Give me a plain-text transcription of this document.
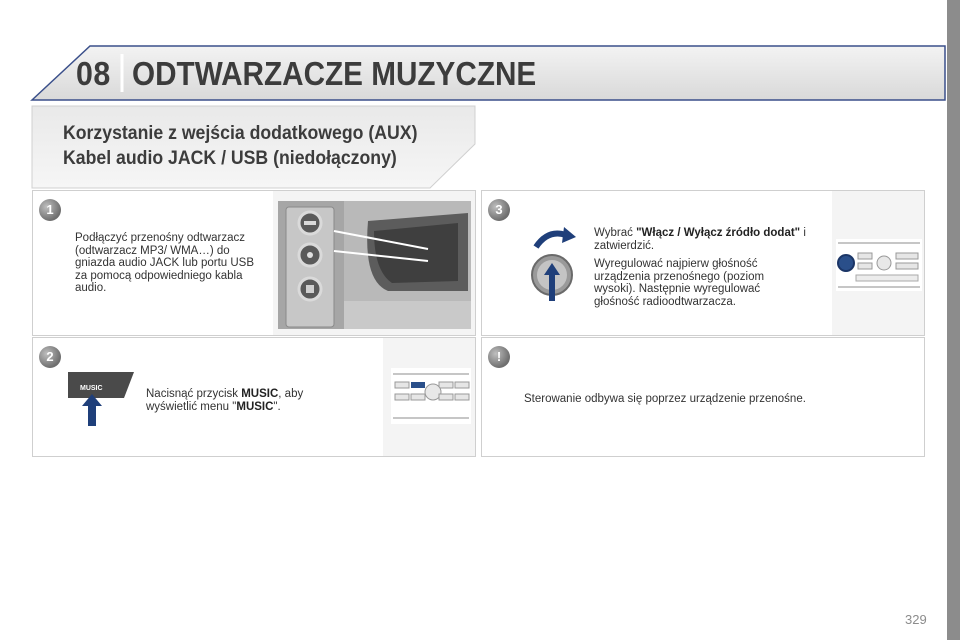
08 ODTWARZACZE MUZYCZNE
Korzystanie z wejścia dodatkowego (AUX)
Kabel audio JACK / USB (niedołączony)
1
Podłączyć przenośny odtwarzacz (odtwarzacz MP3/ WMA…) do gniazda audio JACK lub portu USB za pomocą odpowiedniego kabla audio.
2
MUSIC	Nacisnąć przycisk MUSIC, aby wyświetlić menu "MUSIC".
3
Wybrać "Włącz / Wyłącz źródło dodat" i zatwierdzić.
Wyregulować najpierw głośność urządzenia przenośnego (poziom wysoki). Następnie wyregulować głośność radioodtwarzacza.
!
Sterowanie odbywa się poprzez urządzenie przenośne.
329
